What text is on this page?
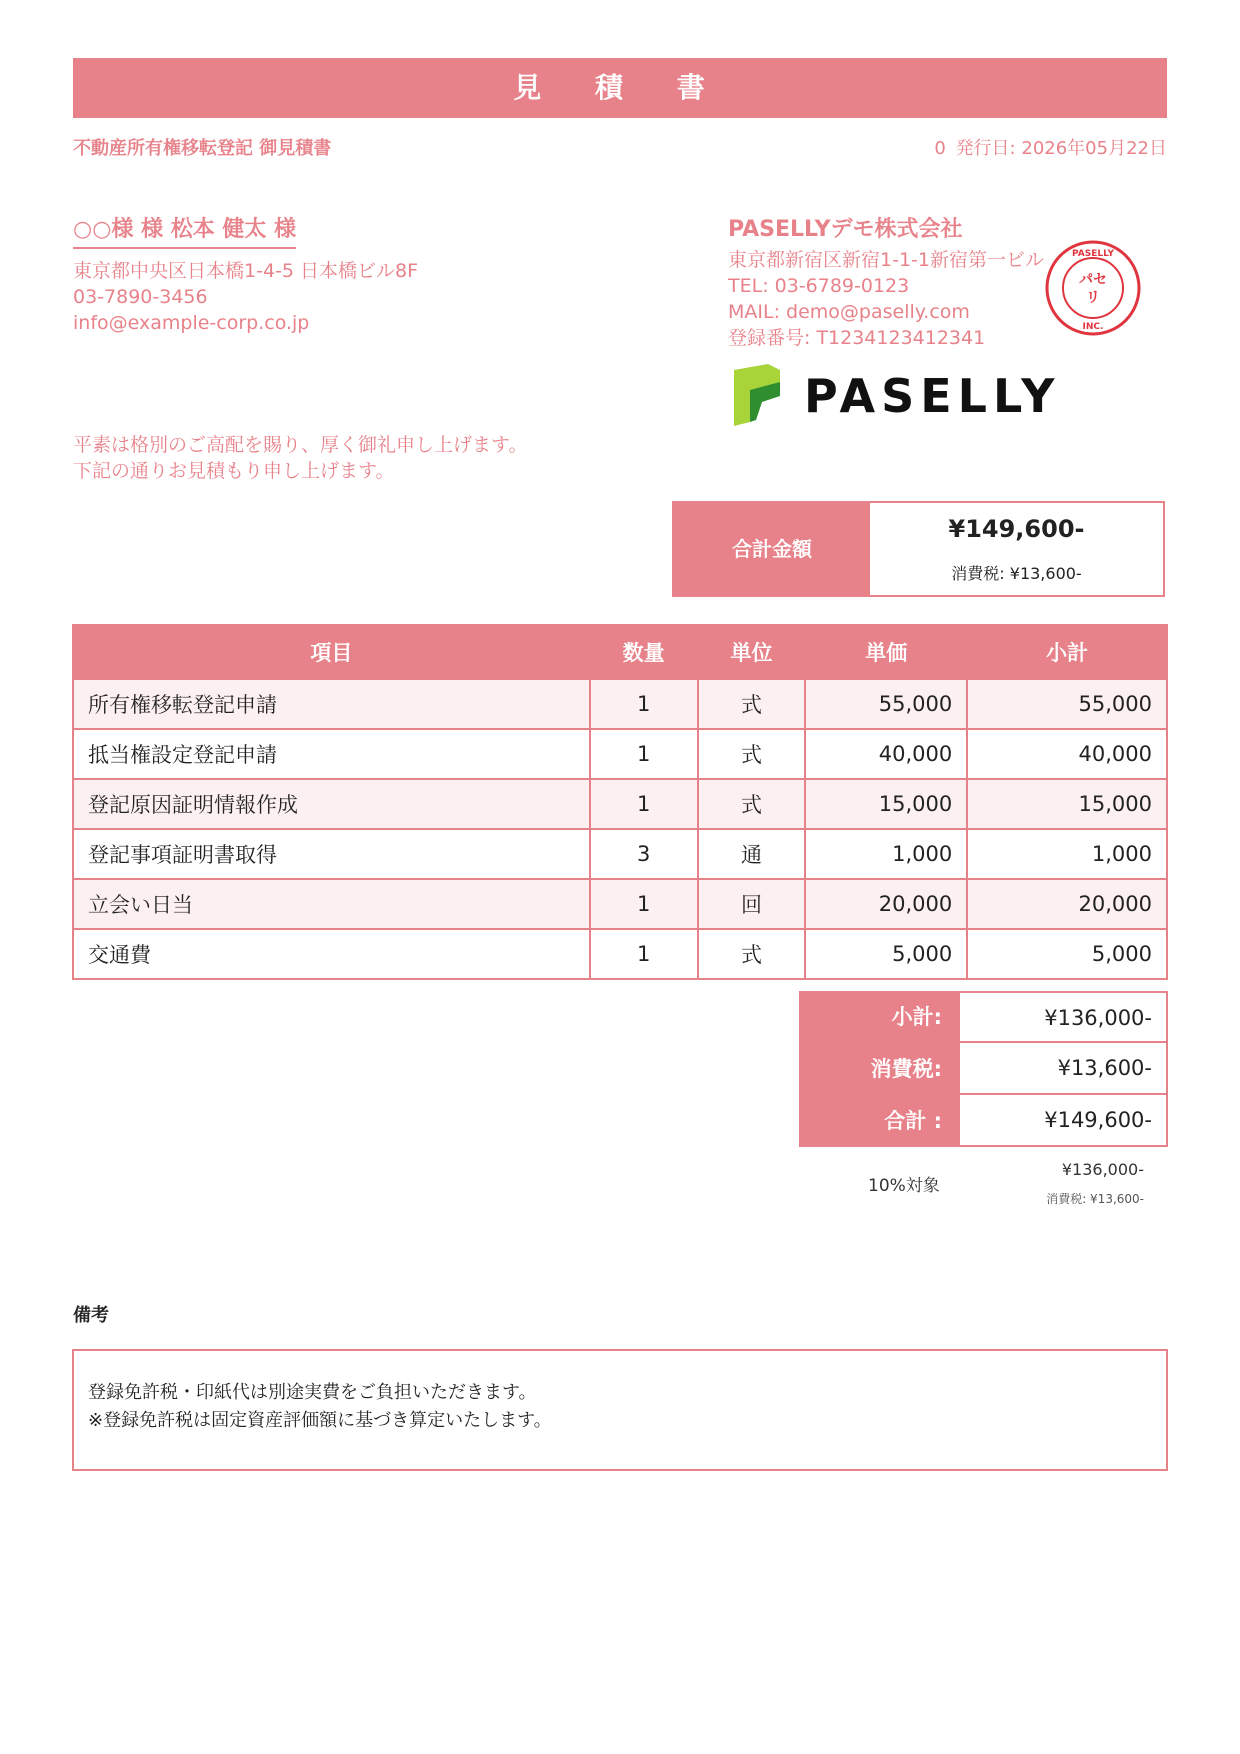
見 積 書
不動産所有権移転登記 御見積書	0 発行日: 2026年05月22日
○○様 様 松本 健太 様
東京都中央区日本橋1-4-5 日本橋ビル8F
03-7890-3456
info@example-corp.co.jp
PASELLYデモ株式会社
東京都新宿区新宿1-1-1新宿第一ビル
TEL: 03-6789-0123
MAIL: demo@paselly.com
登録番号: T1234123412341
パセ
リ
PASELLY
INC.
PASELLY
平素は格別のご高配を賜り、厚く御礼申し上げます。
下記の通りお見積もり申し上げます。
合計金額
¥149,600-
消費税: ¥13,600-
項目	数量	単位	単価	小計
所有権移転登記申請	1	式	55,000	55,000
抵当権設定登記申請	1	式	40,000	40,000
登記原因証明情報作成	1	式	15,000	15,000
登記事項証明書取得	3	通	1,000	1,000
立会い日当	1	回	20,000	20,000
交通費	1	式	5,000	5,000
小計:	¥136,000-
消費税:	¥13,600-
合計 :	¥149,600-
10%対象
¥136,000-
消費税: ¥13,600-
備考
登録免許税・印紙代は別途実費をご負担いただきます。
※登録免許税は固定資産評価額に基づき算定いたします。
